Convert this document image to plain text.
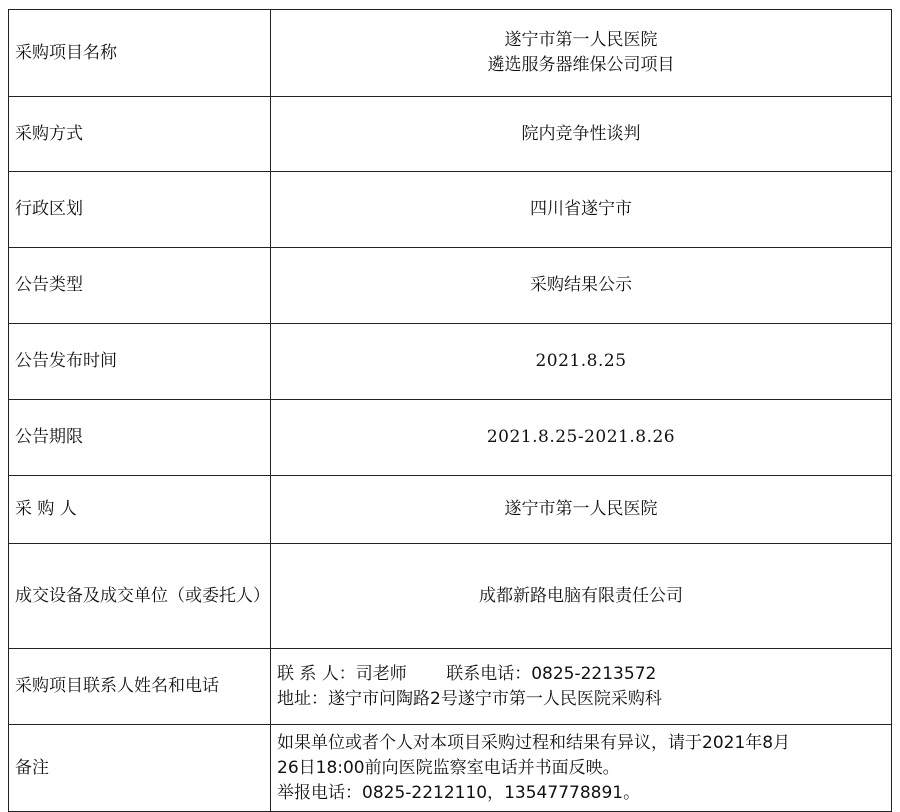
采购项目名称	遂宁市第一人民医院
遴选服务器维保公司项目

采购方式	院内竞争性谈判
行政区划	四川省遂宁市
公告类型	采购结果公示
公告发布时间	2021.8.25
公告期限	2021.8.25-2021.8.26
采 购 人	遂宁市第一人民医院
成交设备及成交单位（或委托人）	成都新路电脑有限责任公司
采购项目联系人姓名和电话	联 系 人：司老师　　 联系电话：0825-2213572
地址：遂宁市问陶路2号遂宁市第一人民医院采购科

备注	如果单位或者个人对本项目采购过程和结果有异议，请于2021年8月
26日18:00前向医院监察室电话并书面反映。
举报电话：0825-2212110，13547778891。
